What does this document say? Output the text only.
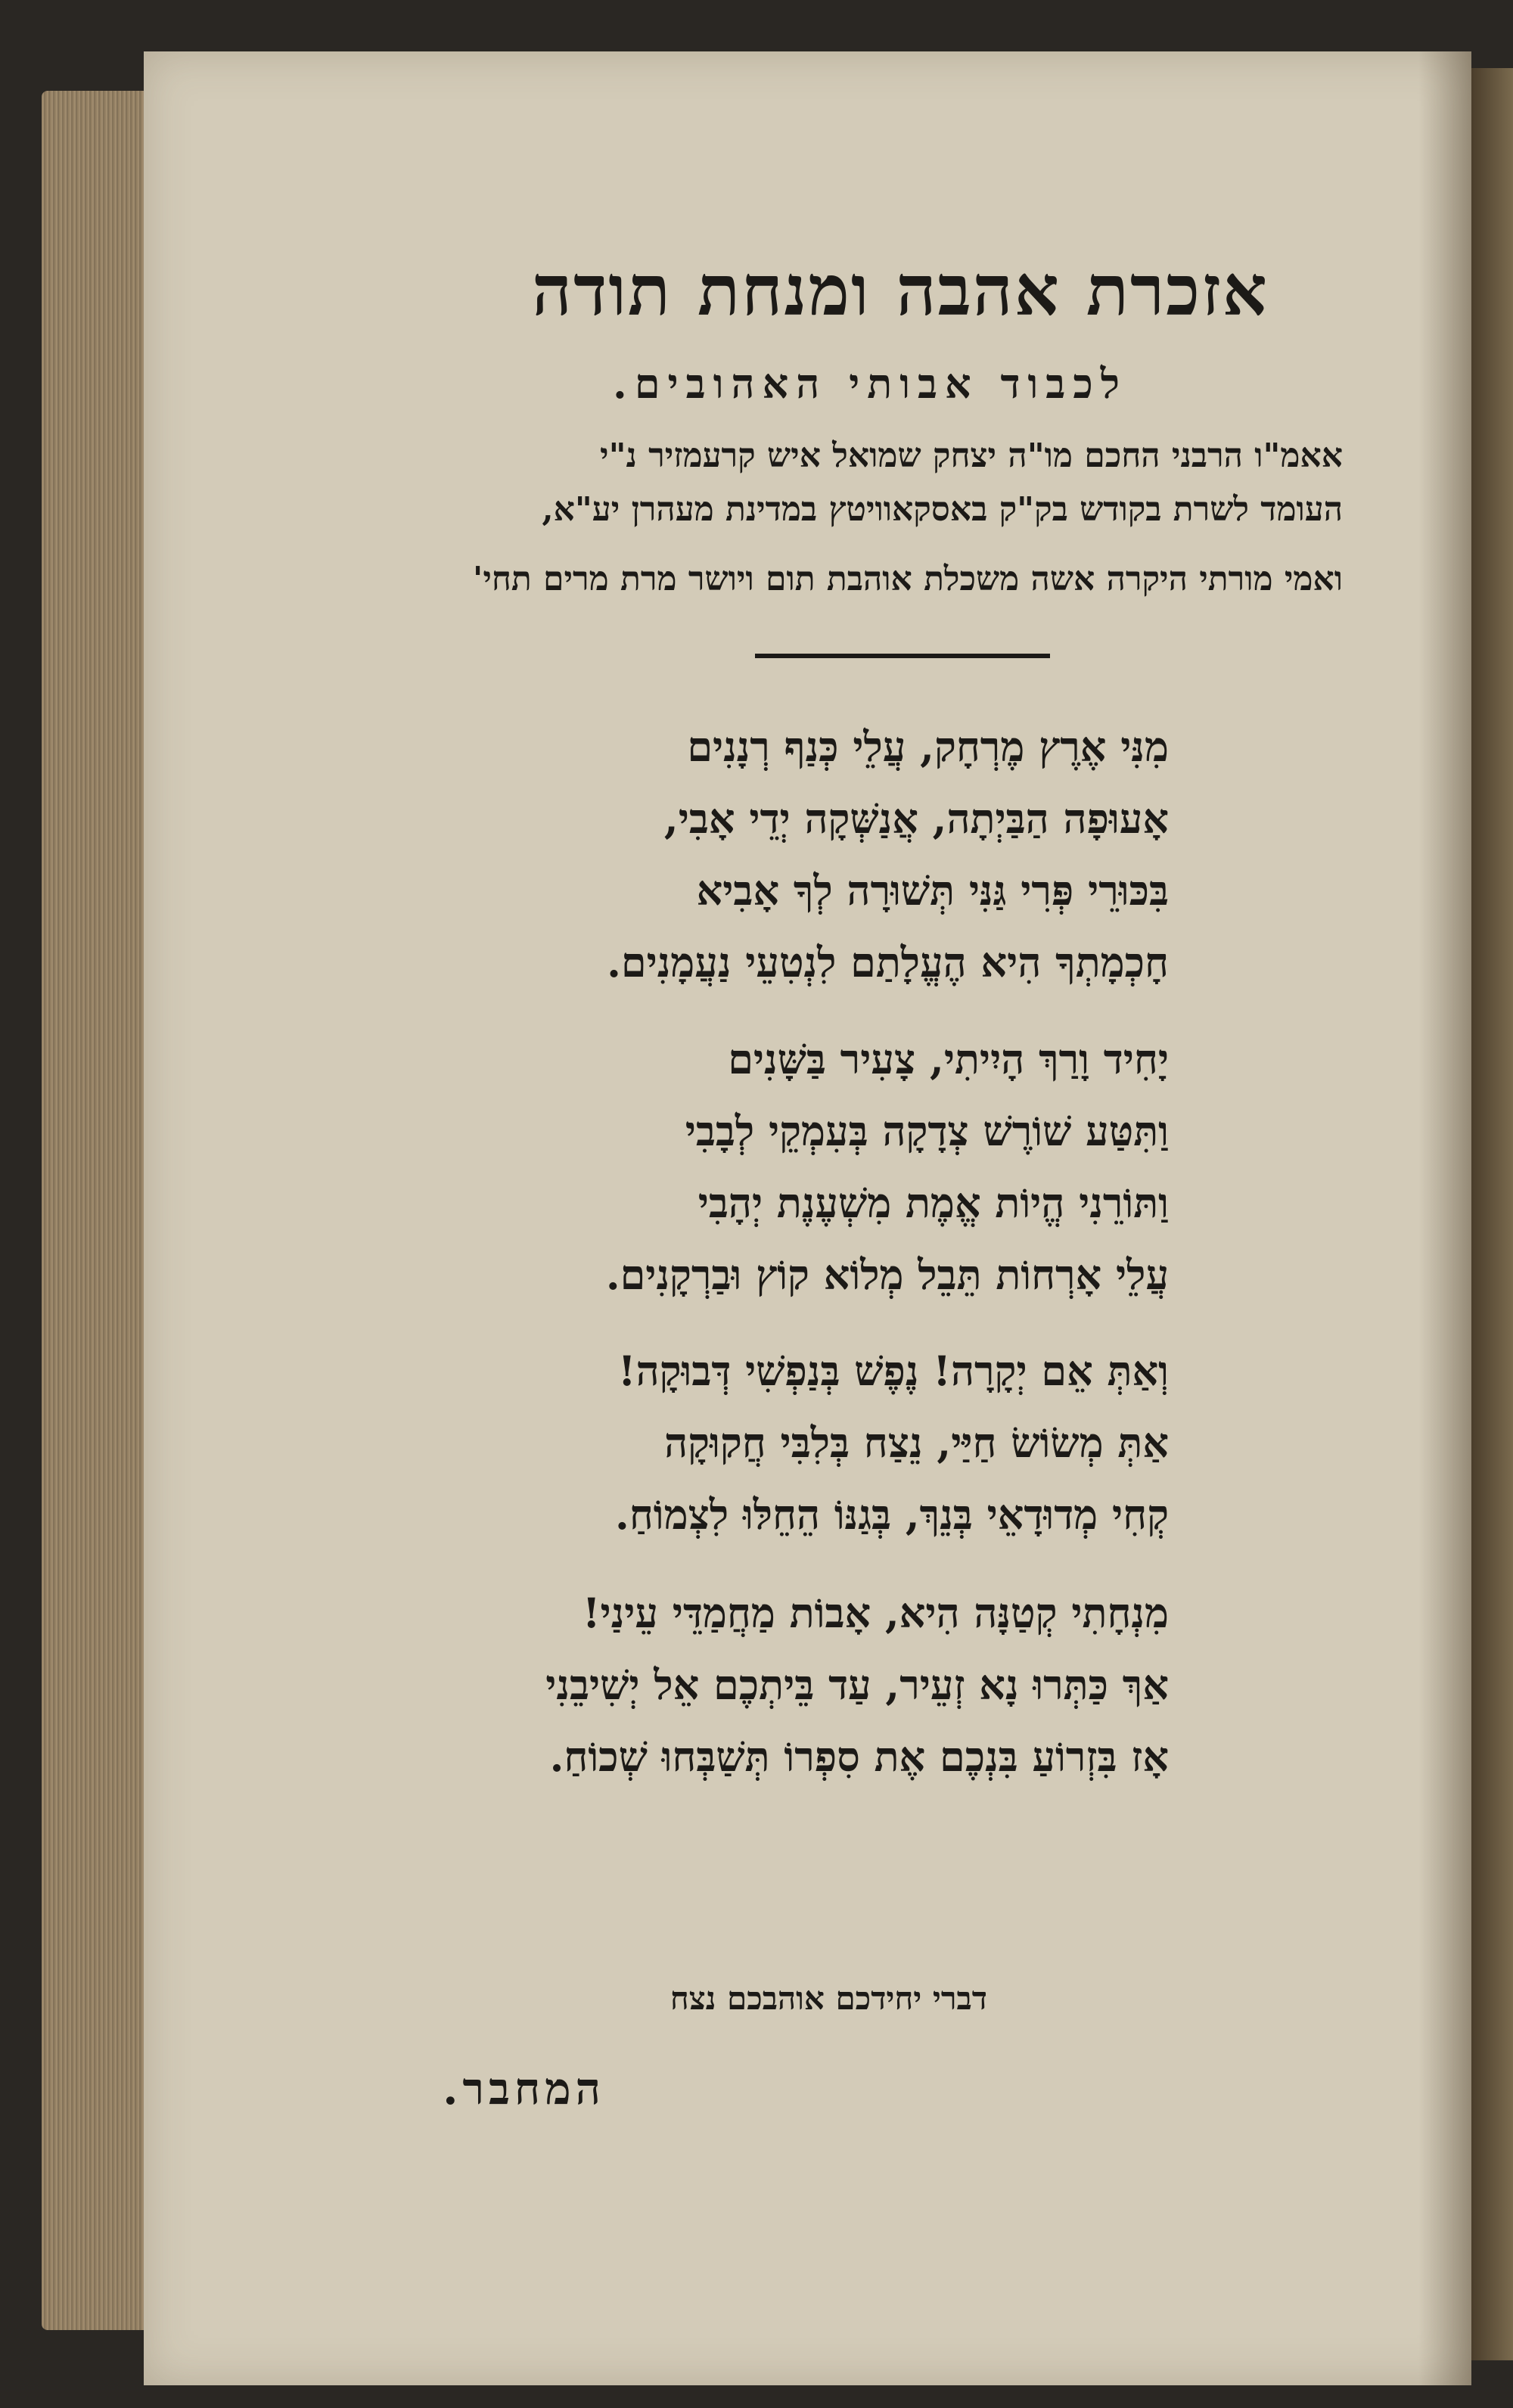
אזכרת אהבה ומנחת תודה
לכבוד אבותי האהובים.
אאמ"ו הרבני החכם מו"ה יצחק שמואל איש קרעמזיר נ"י
העומד לשרת בקודש בק"ק באסקאוויטץ במדינת מעהרן יע"א,
ואמי מורתי היקרה אשה משכלת אוהבת תום ויושר מרת מרים תחי'
מִנִּי אֶרֶץ מֶרְחָק, עֲלֵי כְּנַף רְנָנִים
אָעוּפָה הַבַּיְתָה, אֲנַשְּׁקָה יְדֵי אָבִי,
בִּכּוּרֵי פְּרִי גַּנִּי תְּשׁוּרָה לְךָ אָבִיא
חָכְמָתְךָ הִיא הֶעֱלָתַם לִנְטִעֵי נַעֲמָנִים.
יָחִיד וָרַךְ הָיִיתִי, צָעִיר בַּשָּׁנִים
וַתִּטַּע שׁוֹרֶשׁ צְדָקָה בְּעִמְקֵי לְבָבִי
וַתּוֹרֵנִי הֱיוֹת אֱמֶת מִשְׁעֶנֶת יְהָבִי
עֲלֵי אָרְחוֹת תֵּבֵל מְלוֹא קוֹץ וּבַרְקָנִים.
וְאַתְּ אֵם יְקָרָה! נֶפֶשׁ בְּנַפְשִׁי דְּבוּקָה!
אַתְּ מְשׂוֹשׂ חַיַּי, נֵצַח בְּלִבִּי חֲקוּקָה
קְחִי מְדוּדָאֵי בְּנֵךְ, בְּגַנּוֹ הֵחֵלּוּ לִצְמוֹחַ.
מִנְחָתִי קְטַנָּה הִיא, אָבוֹת מַחֲמַדֵּי עֵינַי!
אַךְ כַּתְּרוּ נָא זְעֵיר, עַד בֵּיתְכֶם אֵל יְשִׁיבֵנִי
אָז בִּזְרוֹעַ בִּנְכֶם אֶת סִפְרוֹ תְּשַׁבְּחוּ שְׁכוֹחַ.
דברי יחידכם אוהבכם נצח
המחבר.
